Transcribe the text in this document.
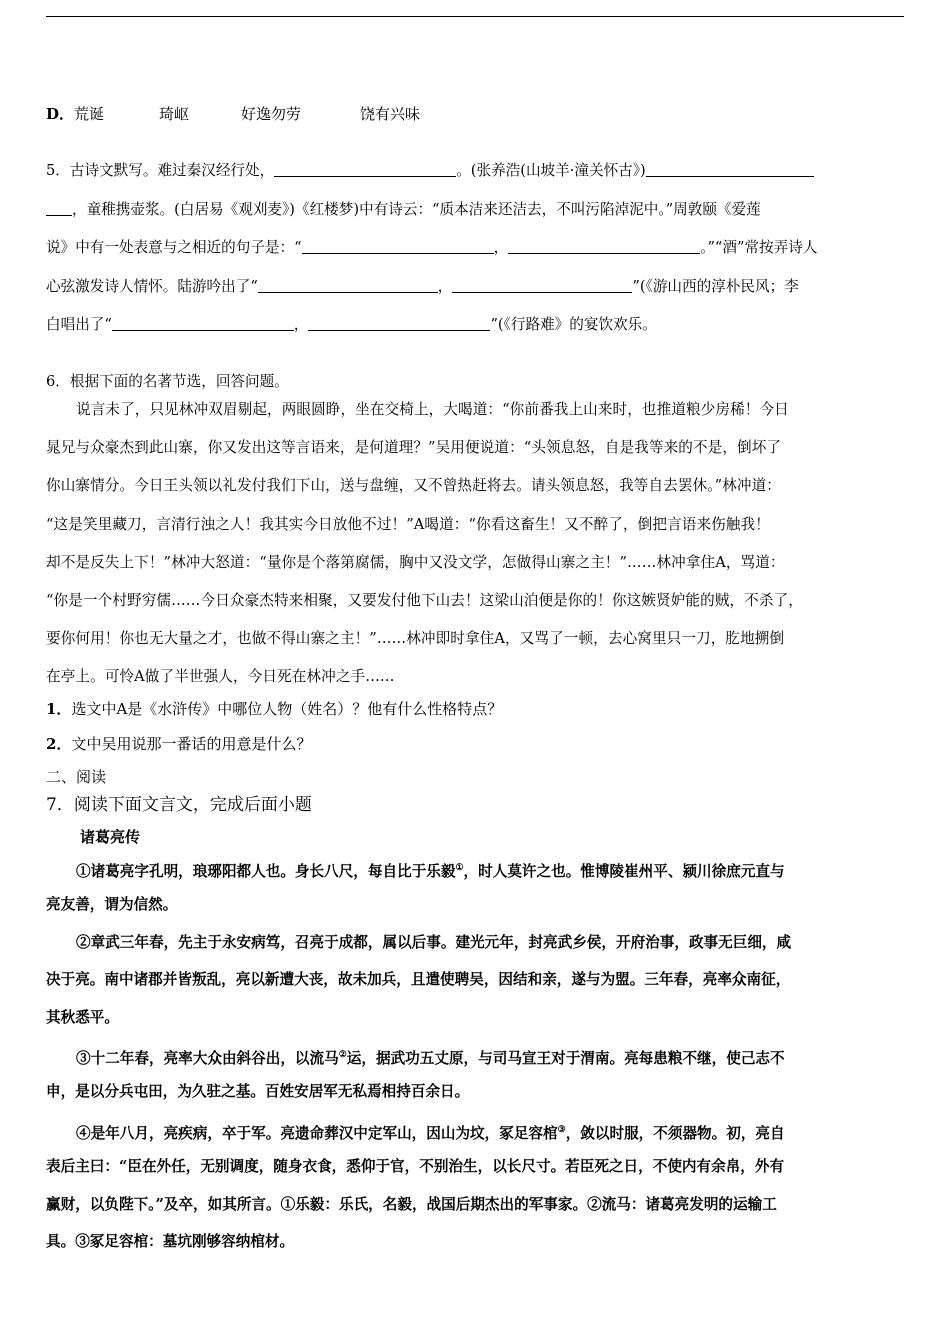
D． 荒诞	琦岖	好逸勿劳	饶有兴味
5．古诗文默写。难过秦汉经行处，	。(张养浩(山坡羊·潼关怀古》)
，童稚携壶浆。(白居易《观刈麦》)《红楼梦)中有诗云：“质本洁来还洁去，不叫污陷淖泥中。”周敦颐《爱莲
说》中有一处表意与之相近的句子是：“	，	。”“酒”常按弄诗人
心弦激发诗人情怀。陆游吟出了“	，	”(《游山西的淳朴民风；李
白唱出了“	，	”(《行路难》的宴饮欢乐。
6．根据下面的名著节选，回答问题。
说言未了，只见林冲双眉剔起，两眼圆睁，坐在交椅上，大喝道：“你前番我上山来时，也推道粮少房稀！今日
晁兄与众豪杰到此山寨，你又发出这等言语来，是何道理？”吴用便说道：“头领息怒，自是我等来的不是，倒坏了
你山寨情分。今日王头领以礼发付我们下山，送与盘缠，又不曾热赶将去。请头领息怒，我等自去罢休。”林冲道：
“这是笑里藏刀，言清行浊之人！我其实今日放他不过！”A喝道：“你看这畜生！又不醉了，倒把言语来伤触我！
却不是反失上下！”林冲大怒道：“量你是个落第腐儒，胸中又没文学，怎做得山寨之主！”……林冲拿住A，骂道：
“你是一个村野穷儒……今日众豪杰特来相聚，又要发付他下山去！这梁山泊便是你的！你这嫉贤妒能的贼，不杀了，
要你何用！你也无大量之才，也做不得山寨之主！”……林冲即时拿住A，又骂了一顿，去心窝里只一刀，肐地搠倒
在亭上。可怜A做了半世强人，今日死在林冲之手……
1．选文中A是《水浒传》中哪位人物（姓名）？他有什么性格特点？
2．文中吴用说那一番话的用意是什么？
二、阅读
7．阅读下面文言文，完成后面小题
诸葛亮传
①诸葛亮字孔明，琅琊阳都人也。身长八尺，每自比于乐毅①，时人莫许之也。惟博陵崔州平、颍川徐庶元直与
亮友善，谓为信然。
②章武三年春，先主于永安病笃，召亮于成都，属以后事。建光元年，封亮武乡侯，开府治事，政事无巨细，咸
决于亮。南中诸郡并皆叛乱，亮以新遭大丧，故未加兵，且遣使聘吴，因结和亲，遂与为盟。三年春，亮率众南征，
其秋悉平。
③十二年春，亮率大众由斜谷出，以流马②运，据武功五丈原，与司马宣王对于渭南。亮每患粮不继，使己志不
申，是以分兵屯田，为久驻之基。百姓安居军无私焉相持百余日。
④是年八月，亮疾病，卒于军。亮遗命葬汉中定军山，因山为坟，冢足容棺③，敛以时服，不须器物。初，亮自
表后主曰：“臣在外任，无别调度，随身衣食，悉仰于官，不别治生，以长尺寸。若臣死之日，不使内有余帛，外有
赢财，以负陛下。”及卒，如其所言。①乐毅：乐氏，名毅，战国后期杰出的军事家。②流马：诸葛亮发明的运输工
具。③冢足容棺：墓坑刚够容纳棺材。
